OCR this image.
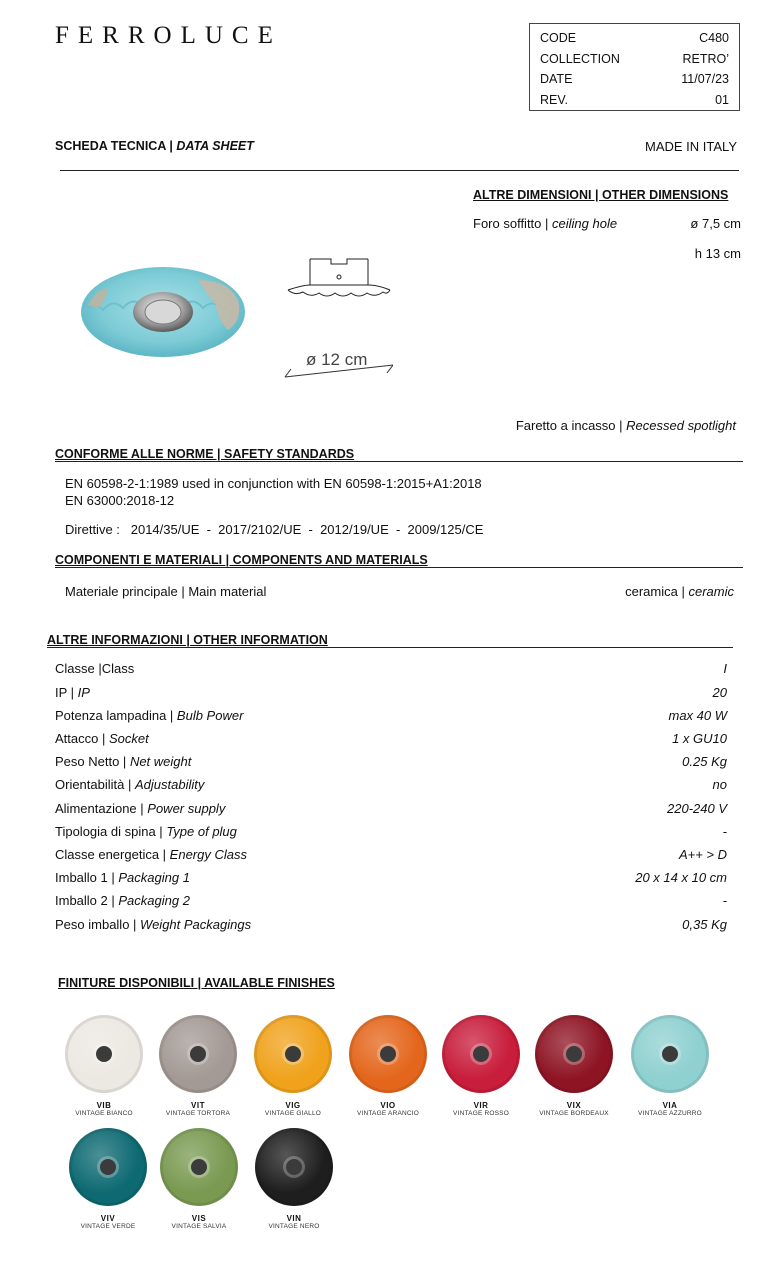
FERROLUCE	CODE	C480
COLLECTION	RETRO’
DATE	11/07/23
REV.	01
SCHEDA TECNICA | DATA SHEET	MADE IN ITALY
ALTRE DIMENSIONI | OTHER DIMENSIONS
Foro soffitto | ceiling hole	ø 7,5 cm
h 13 cm
ø 12 cm
Faretto a incasso | Recessed spotlight
CONFORME ALLE NORME | SAFETY STANDARDS
EN 60598-2-1:1989 used in conjunction with EN 60598-1:2015+A1:2018
EN 63000:2018-12
Direttive :   2014/35/UE  -  2017/2102/UE  -  2012/19/UE  -  2009/125/CE
COMPONENTI E MATERIALI | COMPONENTS AND MATERIALS
Materiale principale | Main material	ceramica | ceramic
ALTRE INFORMAZIONI | OTHER INFORMATION
Classe |Class	I
IP | IP	20
Potenza lampadina | Bulb Power	max 40 W
Attacco | Socket	1 x GU10
Peso Netto | Net weight	0.25 Kg
Orientabilità | Adjustability	no
Alimentazione | Power supply	220-240 V
Tipologia di spina | Type of plug	-
Classe energetica | Energy Class	A++ > D
Imballo 1 | Packaging 1	20 x 14 x 10 cm
Imballo 2 | Packaging 2	-
Peso imballo | Weight Packagings	0,35 Kg
FINITURE DISPONIBILI | AVAILABLE FINISHES
VIB
VINTAGE BIANCO
VIT
VINTAGE TORTORA
VIG
VINTAGE GIALLO
VIO
VINTAGE ARANCIO
VIR
VINTAGE ROSSO
VIX
VINTAGE BORDEAUX
VIA
VINTAGE AZZURRO
VIV
VINTAGE VERDE
VIS
VINTAGE SALVIA
VIN
VINTAGE NERO
